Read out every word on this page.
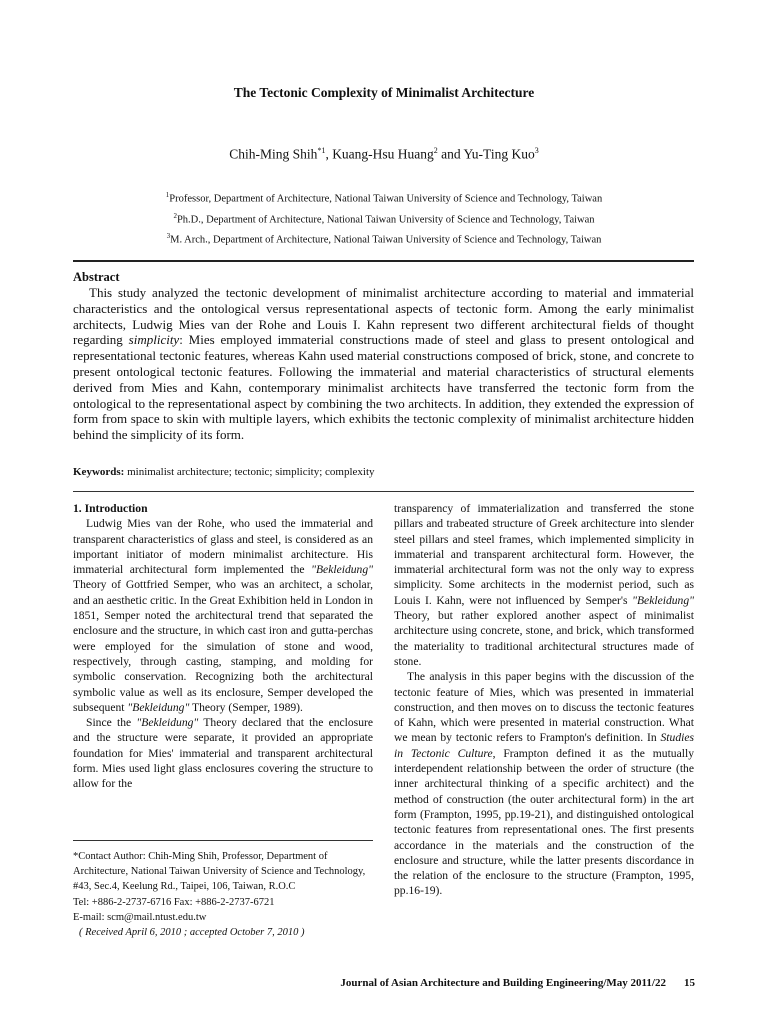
The Tectonic Complexity of Minimalist Architecture
Chih-Ming Shih$^{*1}$, Kuang-Hsu Huang$^2$ and Yu-Ting Kuo$^3$
$^1$Professor, Department of Architecture, National Taiwan University of Science and Technology, Taiwan
$^2$Ph.D., Department of Architecture, National Taiwan University of Science and Technology, Taiwan
$^3$M. Arch., Department of Architecture, National Taiwan University of Science and Technology, Taiwan
Abstract
This study analyzed the tectonic development of minimalist architecture according to material and immaterial characteristics and the ontological versus representational aspects of tectonic form. Among the early minimalist architects, Ludwig Mies van der Rohe and Louis I. Kahn represent two different architectural fields of thought regarding simplicity: Mies employed immaterial constructions made of steel and glass to present ontological and representational tectonic features, whereas Kahn used material constructions composed of brick, stone, and concrete to present ontological tectonic features. Following the immaterial and material characteristics of structural elements derived from Mies and Kahn, contemporary minimalist architects have transferred the tectonic form from the ontological to the representational aspect by combining the two architects. In addition, they extended the expression of form from space to skin with multiple layers, which exhibits the tectonic complexity of minimalist architecture hidden behind the simplicity of its form.
Keywords: minimalist architecture; tectonic; simplicity; complexity

1. Introduction

Ludwig Mies van der Rohe, who used the immaterial and transparent characteristics of glass and steel, is considered as an important initiator of modern minimalist architecture. His immaterial architectural form implemented the "Bekleidung" Theory of Gottfried Semper, who was an architect, a scholar, and an aesthetic critic. In the Great Exhibition held in London in 1851, Semper noted the architectural trend that separated the enclosure and the structure, in which cast iron and gutta-perchas were employed for the simulation of stone and wood, respectively, through casting, stamping, and molding for symbolic conservation. Recognizing both the architectural symbolic value as well as its enclosure, Semper developed the subsequent "Bekleidung" Theory (Semper, 1989).

Since the "Bekleidung" Theory declared that the enclosure and the structure were separate, it provided an appropriate foundation for Mies' immaterial and transparent architectural form. Mies used light glass enclosures covering the structure to allow for the

*Contact Author: Chih-Ming Shih, Professor, Department of Architecture, National Taiwan University of Science and Technology, #43, Sec.4, Keelung Rd., Taipei, 106, Taiwan, R.O.C
Tel: +886-2-2737-6716 Fax: +886-2-2737-6721
E-mail: scm@mail.ntust.edu.tw
( Received April 6, 2010 ; accepted October 7, 2010 )

transparency of immaterialization and transferred the stone pillars and trabeated structure of Greek architecture into slender steel pillars and steel frames, which implemented simplicity in immaterial and transparent architectural form. However, the immaterial architectural form was not the only way to express simplicity. Some architects in the modernist period, such as Louis I. Kahn, were not influenced by Semper's "Bekleidung" Theory, but rather explored another aspect of minimalist architecture using concrete, stone, and brick, which transformed the materiality to traditional architectural structures made of stone.

The analysis in this paper begins with the discussion of the tectonic feature of Mies, which was presented in immaterial construction, and then moves on to discuss the tectonic features of Kahn, which were presented in material construction. What we mean by tectonic refers to Frampton's definition. In Studies in Tectonic Culture, Frampton defined it as the mutually interdependent relationship between the order of structure (the inner architectural thinking of a specific architect) and the method of construction (the outer architectural form) in the art form (Frampton, 1995, pp.19-21), and distinguished ontological tectonic features from representational ones. The first presents accordance in the materials and the construction of the enclosure and structure, while the latter presents discordance in the relation of the enclosure to the structure (Frampton, 1995, pp.16-19).

Journal of Asian Architecture and Building Engineering/May 2011/22 15
